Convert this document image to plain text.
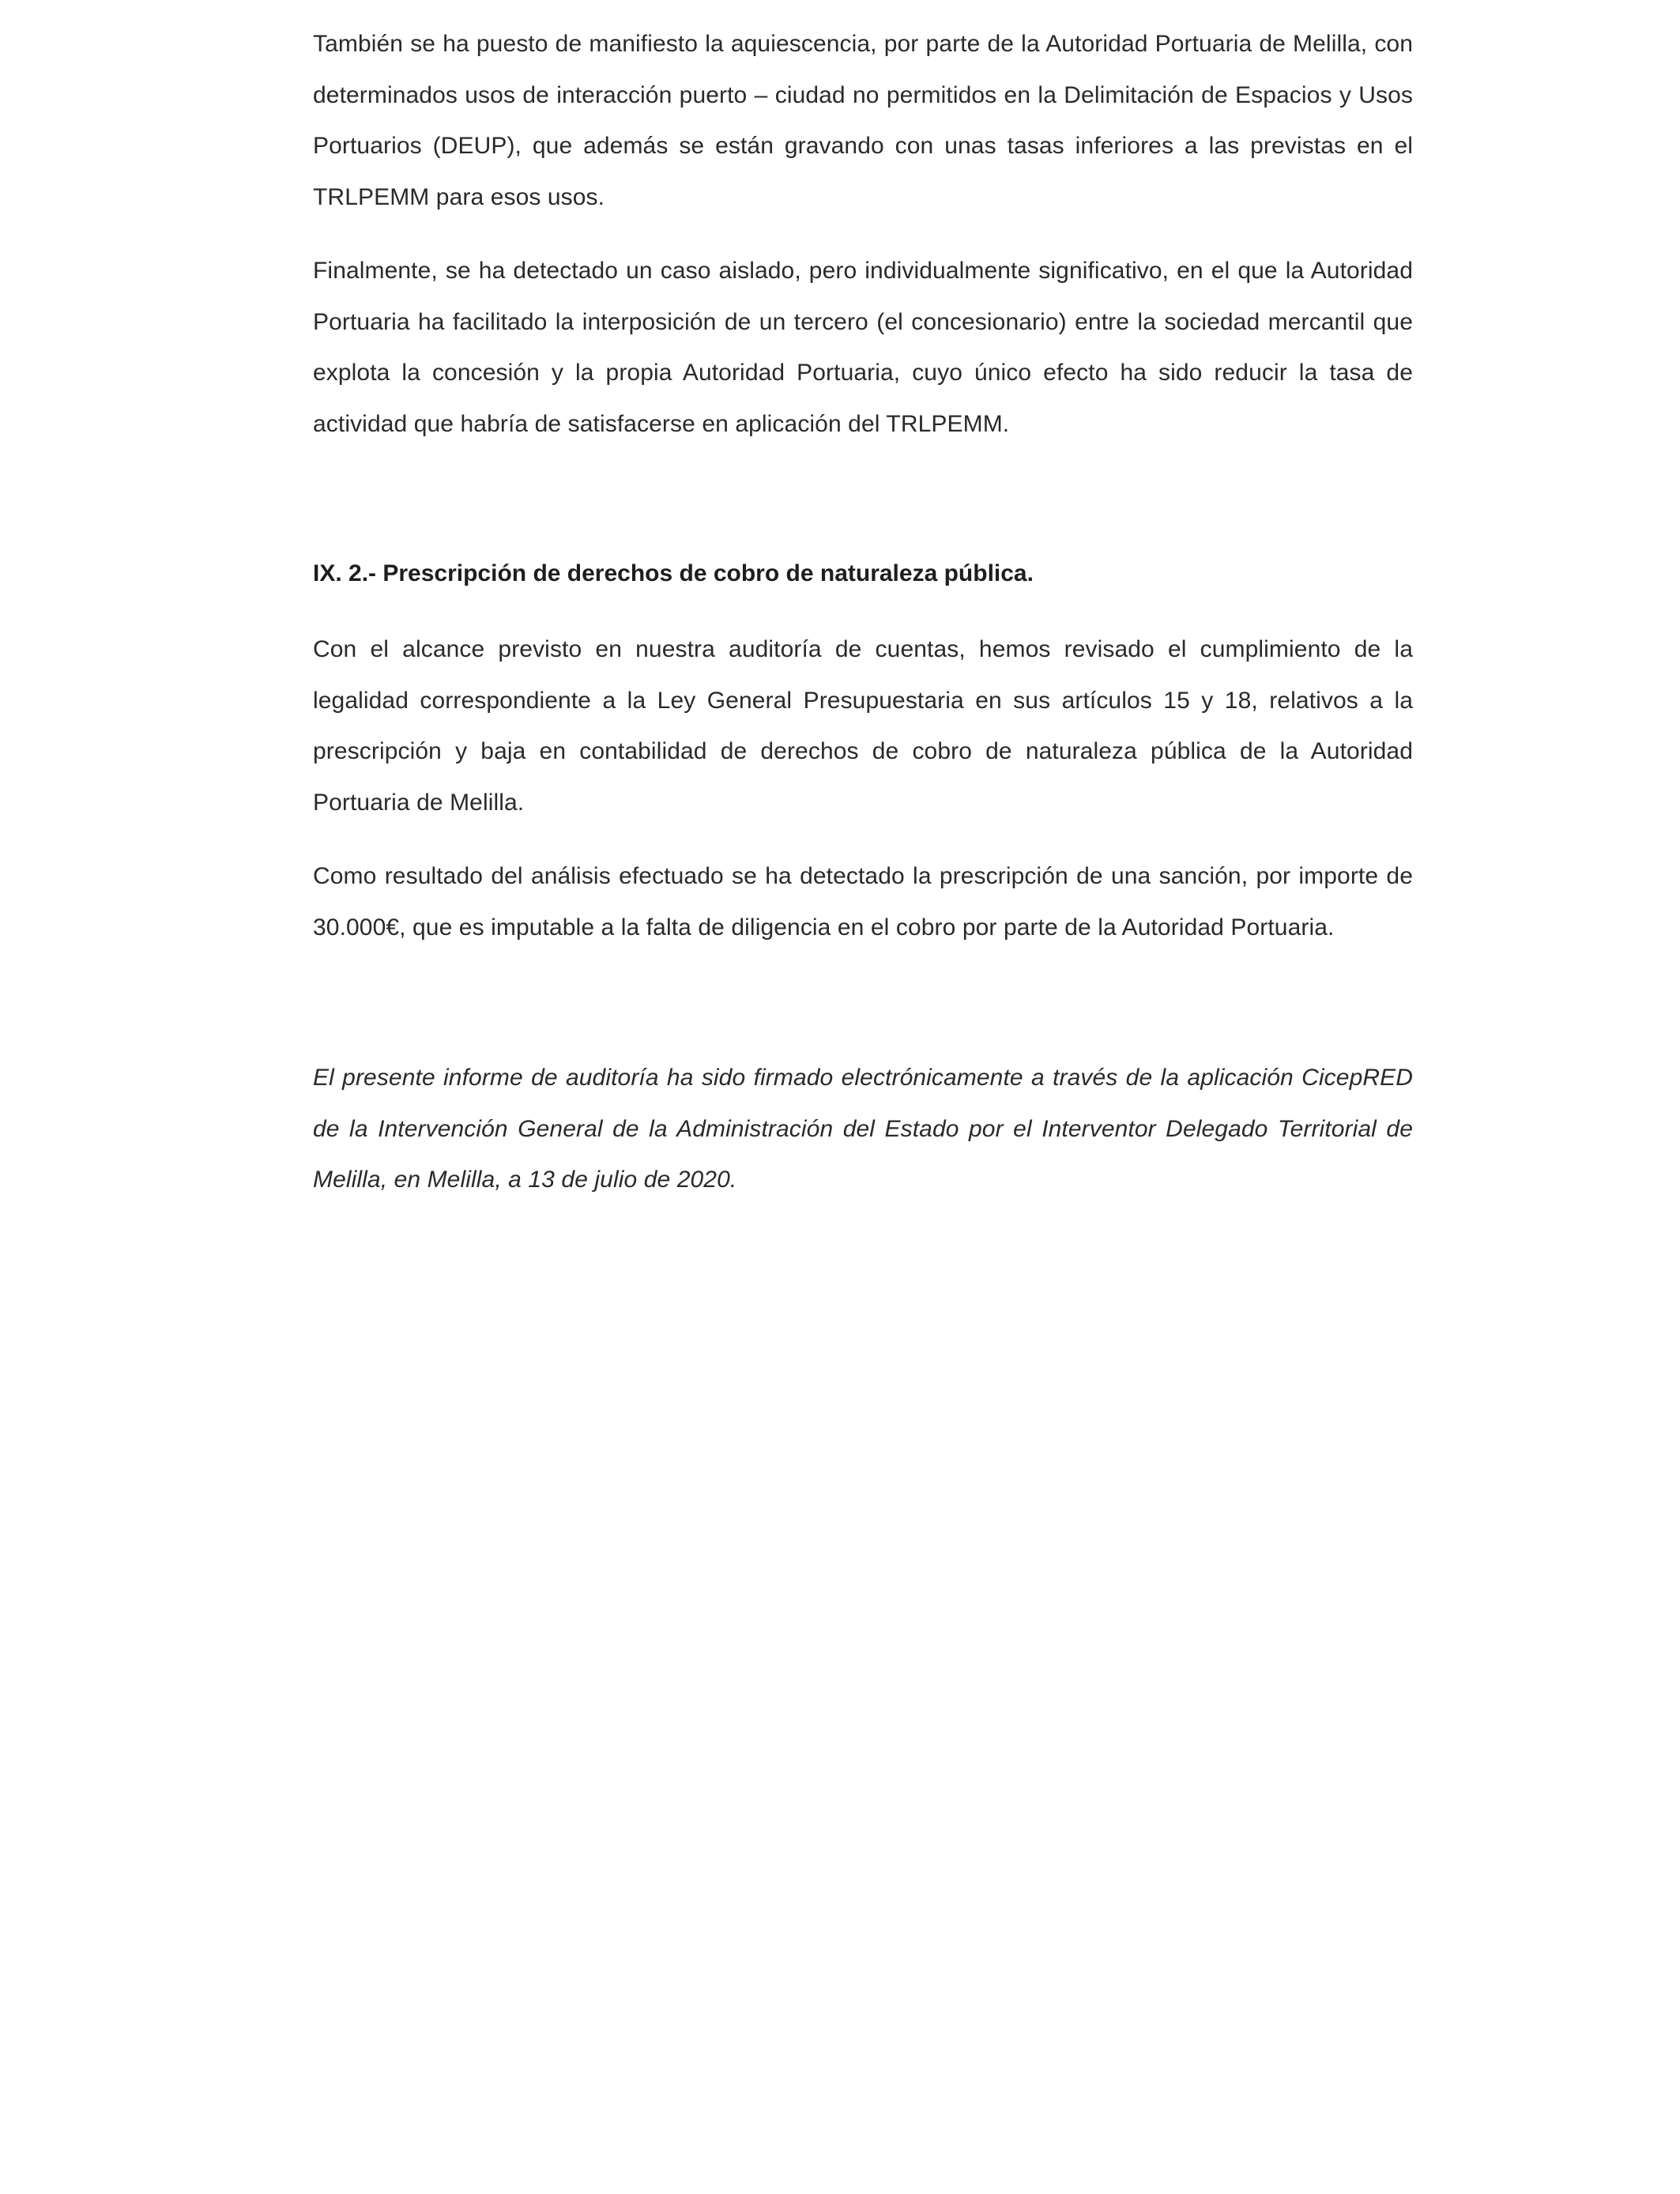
También se ha puesto de manifiesto la aquiescencia, por parte de la Autoridad Portuaria de Melilla, con determinados usos de interacción puerto – ciudad no permitidos en la Delimitación de Espacios y Usos Portuarios (DEUP), que además se están gravando con unas tasas inferiores a las previstas en el TRLPEMM para esos usos.

Finalmente, se ha detectado un caso aislado, pero individualmente significativo, en el que la Autoridad Portuaria ha facilitado la interposición de un tercero (el concesionario) entre la sociedad mercantil que explota la concesión y la propia Autoridad Portuaria, cuyo único efecto ha sido reducir la tasa de actividad que habría de satisfacerse en aplicación del TRLPEMM.

IX. 2.- Prescripción de derechos de cobro de naturaleza pública.

Con el alcance previsto en nuestra auditoría de cuentas, hemos revisado el cumplimiento de la legalidad correspondiente a la Ley General Presupuestaria en sus artículos 15 y 18, relativos a la prescripción y baja en contabilidad de derechos de cobro de naturaleza pública de la Autoridad Portuaria de Melilla.

Como resultado del análisis efectuado se ha detectado la prescripción de una sanción, por importe de 30.000€, que es imputable a la falta de diligencia en el cobro por parte de la Autoridad Portuaria.

El presente informe de auditoría ha sido firmado electrónicamente a través de la aplicación CicepRED de la Intervención General de la Administración del Estado por el Interventor Delegado Territorial de Melilla, en Melilla, a 13 de julio de 2020.
